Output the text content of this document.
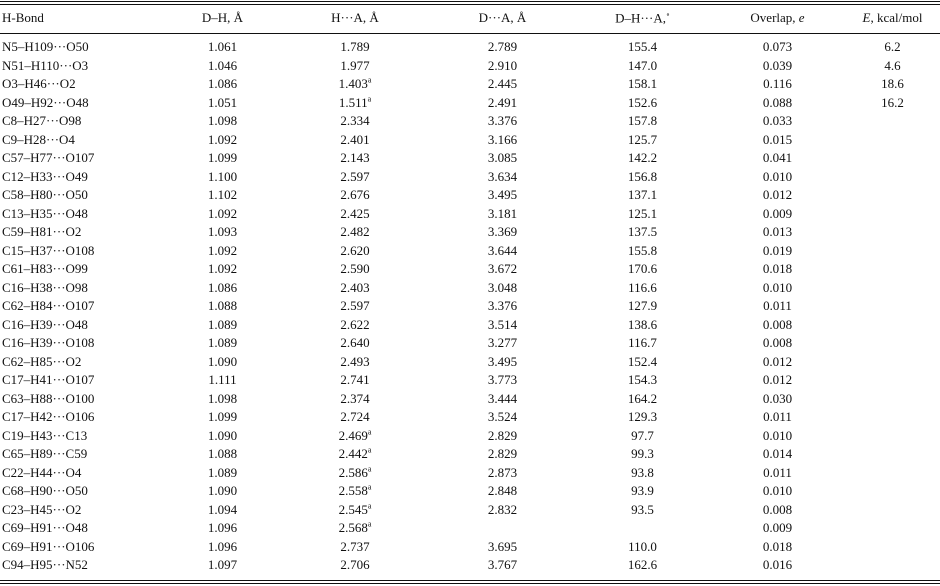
H-Bond	D–H, Å	H···A, Å	D···A, Å	D–H···A,∘	Overlap, e	E, kcal/mol
N5–H109···O50	1.061	1.789	2.789	155.4	0.073	6.2
N51–H110···O3	1.046	1.977	2.910	147.0	0.039	4.6
O3–H46···O2	1.086	1.403$^a$	2.445	158.1	0.116	18.6
O49–H92···O48	1.051	1.511$^a$	2.491	152.6	0.088	16.2
C8–H27···O98	1.098	2.334	3.376	157.8	0.033	
C9–H28···O4	1.092	2.401	3.166	125.7	0.015	
C57–H77···O107	1.099	2.143	3.085	142.2	0.041	
C12–H33···O49	1.100	2.597	3.634	156.8	0.010	
C58–H80···O50	1.102	2.676	3.495	137.1	0.012	
C13–H35···O48	1.092	2.425	3.181	125.1	0.009	
C59–H81···O2	1.093	2.482	3.369	137.5	0.013	
C15–H37···O108	1.092	2.620	3.644	155.8	0.019	
C61–H83···O99	1.092	2.590	3.672	170.6	0.018	
C16–H38···O98	1.086	2.403	3.048	116.6	0.010	
C62–H84···O107	1.088	2.597	3.376	127.9	0.011	
C16–H39···O48	1.089	2.622	3.514	138.6	0.008	
C16–H39···O108	1.089	2.640	3.277	116.7	0.008	
C62–H85···O2	1.090	2.493	3.495	152.4	0.012	
C17–H41···O107	1.111	2.741	3.773	154.3	0.012	
C63–H88···O100	1.098	2.374	3.444	164.2	0.030	
C17–H42···O106	1.099	2.724	3.524	129.3	0.011	
C19–H43···C13	1.090	2.469$^a$	2.829	97.7	0.010	
C65–H89···C59	1.088	2.442$^a$	2.829	99.3	0.014	
C22–H44···O4	1.089	2.586$^a$	2.873	93.8	0.011	
C68–H90···O50	1.090	2.558$^a$	2.848	93.9	0.010	
C23–H45···O2	1.094	2.545$^a$	2.832	93.5	0.008	
C69–H91···O48	1.096	2.568$^a$			0.009	
C69–H91···O106	1.096	2.737	3.695	110.0	0.018	
C94–H95···N52	1.097	2.706	3.767	162.6	0.016	
